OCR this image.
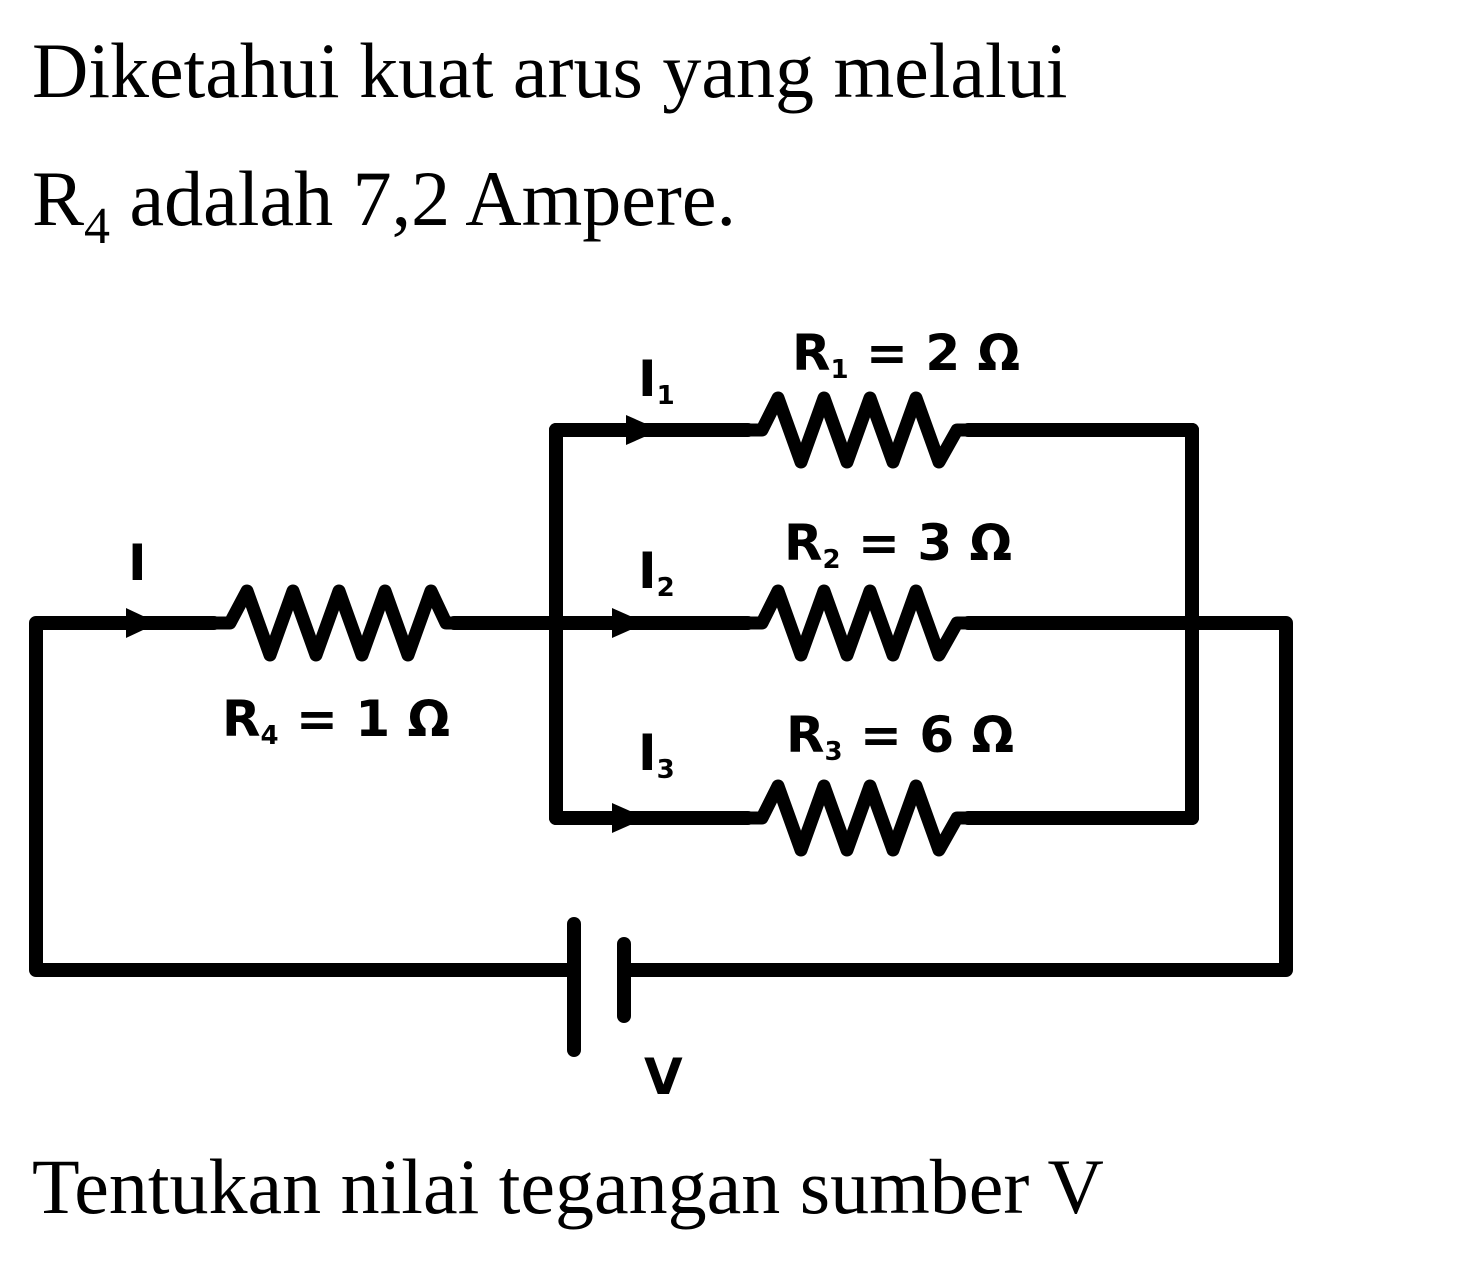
Diketahui kuat arus yang melalui
$R_4$ adalah 7,2 Ampere.
I
R4 = 1 Ω
I1
R1 = 2 Ω
I2
R2 = 3 Ω
I3
R3 = 6 Ω
V
Tentukan nilai tegangan sumber V
